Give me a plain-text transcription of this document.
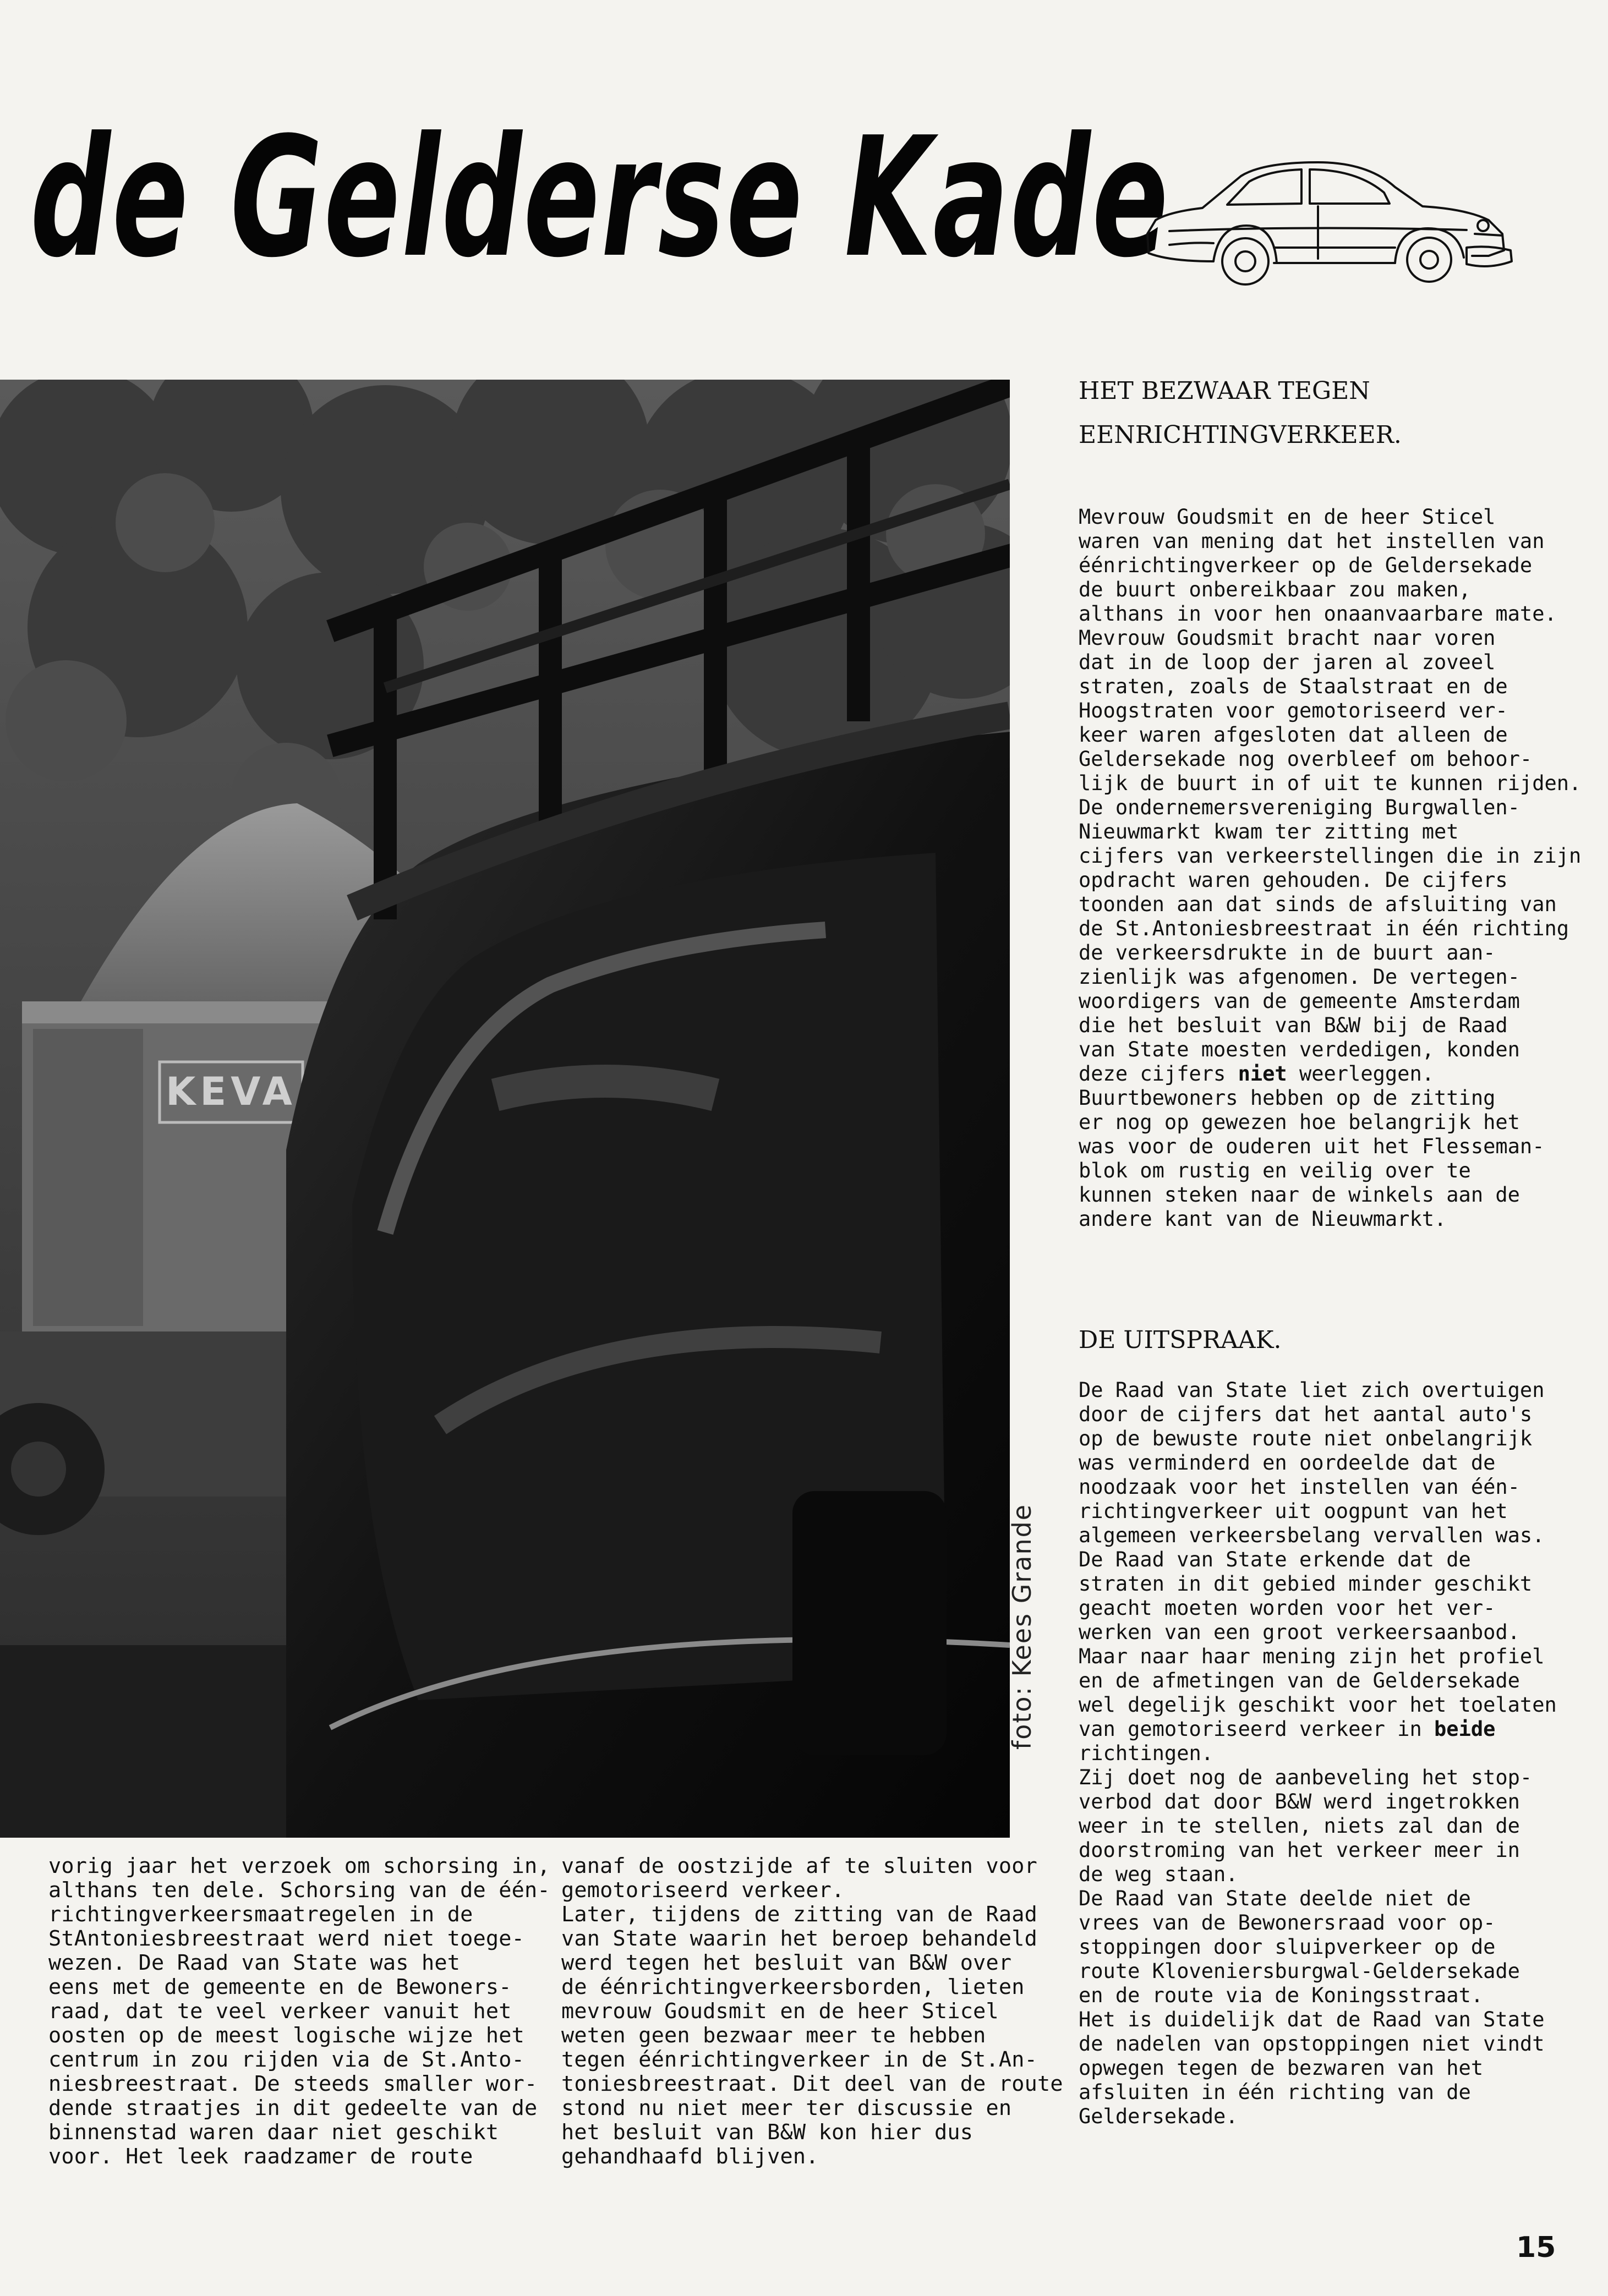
de Gelderse Kade
KEVA
foto: Kees Grande
HET BEZWAAR TEGEN
EENRICHTINGVERKEER.

Mevrouw Goudsmit en de heer Sticel
waren van mening dat het instellen van
éénrichtingverkeer op de Geldersekade
de buurt onbereikbaar zou maken,
althans in voor hen onaanvaarbare mate.
Mevrouw Goudsmit bracht naar voren
dat in de loop der jaren al zoveel
straten, zoals de Staalstraat en de
Hoogstraten voor gemotoriseerd ver-
keer waren afgesloten dat alleen de
Geldersekade nog overbleef om behoor-
lijk de buurt in of uit te kunnen rijden.
De ondernemersvereniging Burgwallen-
Nieuwmarkt kwam ter zitting met
cijfers van verkeerstellingen die in zijn
opdracht waren gehouden. De cijfers
toonden aan dat sinds de afsluiting van
de St.Antoniesbreestraat in één richting
de verkeersdrukte in de buurt aan-
zienlijk was afgenomen. De vertegen-
woordigers van de gemeente Amsterdam
die het besluit van B&W bij de Raad
van State moesten verdedigen, konden
deze cijfers niet weerleggen.
Buurtbewoners hebben op de zitting
er nog op gewezen hoe belangrijk het
was voor de ouderen uit het Flesseman-
blok om rustig en veilig over te
kunnen steken naar de winkels aan de
andere kant van de Nieuwmarkt.

DE UITSPRAAK.

De Raad van State liet zich overtuigen
door de cijfers dat het aantal auto's
op de bewuste route niet onbelangrijk
was verminderd en oordeelde dat de
noodzaak voor het instellen van één-
richtingverkeer uit oogpunt van het
algemeen verkeersbelang vervallen was.
De Raad van State erkende dat de
straten in dit gebied minder geschikt
geacht moeten worden voor het ver-
werken van een groot verkeersaanbod.
Maar naar haar mening zijn het profiel
en de afmetingen van de Geldersekade
wel degelijk geschikt voor het toelaten
van gemotoriseerd verkeer in beide
richtingen.
Zij doet nog de aanbeveling het stop-
verbod dat door B&W werd ingetrokken
weer in te stellen, niets zal dan de
doorstroming van het verkeer meer in
de weg staan.
De Raad van State deelde niet de
vrees van de Bewonersraad voor op-
stoppingen door sluipverkeer op de
route Kloveniersburgwal-Geldersekade
en de route via de Koningsstraat.
Het is duidelijk dat de Raad van State
de nadelen van opstoppingen niet vindt
opwegen tegen de bezwaren van het
afsluiten in één richting van de
Geldersekade.

vorig jaar het verzoek om schorsing in,
althans ten dele. Schorsing van de één-
richtingverkeersmaatregelen in de
StAntoniesbreestraat werd niet toege-
wezen. De Raad van State was het
eens met de gemeente en de Bewoners-
raad, dat te veel verkeer vanuit het
oosten op de meest logische wijze het
centrum in zou rijden via de St.Anto-
niesbreestraat. De steeds smaller wor-
dende straatjes in dit gedeelte van de
binnenstad waren daar niet geschikt
voor. Het leek raadzamer de route

vanaf de oostzijde af te sluiten voor
gemotoriseerd verkeer.
Later, tijdens de zitting van de Raad
van State waarin het beroep behandeld
werd tegen het besluit van B&W over
de éénrichtingverkeersborden, lieten
mevrouw Goudsmit en de heer Sticel
weten geen bezwaar meer te hebben
tegen éénrichtingverkeer in de St.An-
toniesbreestraat. Dit deel van de route
stond nu niet meer ter discussie en
het besluit van B&W kon hier dus
gehandhaafd blijven.

15
